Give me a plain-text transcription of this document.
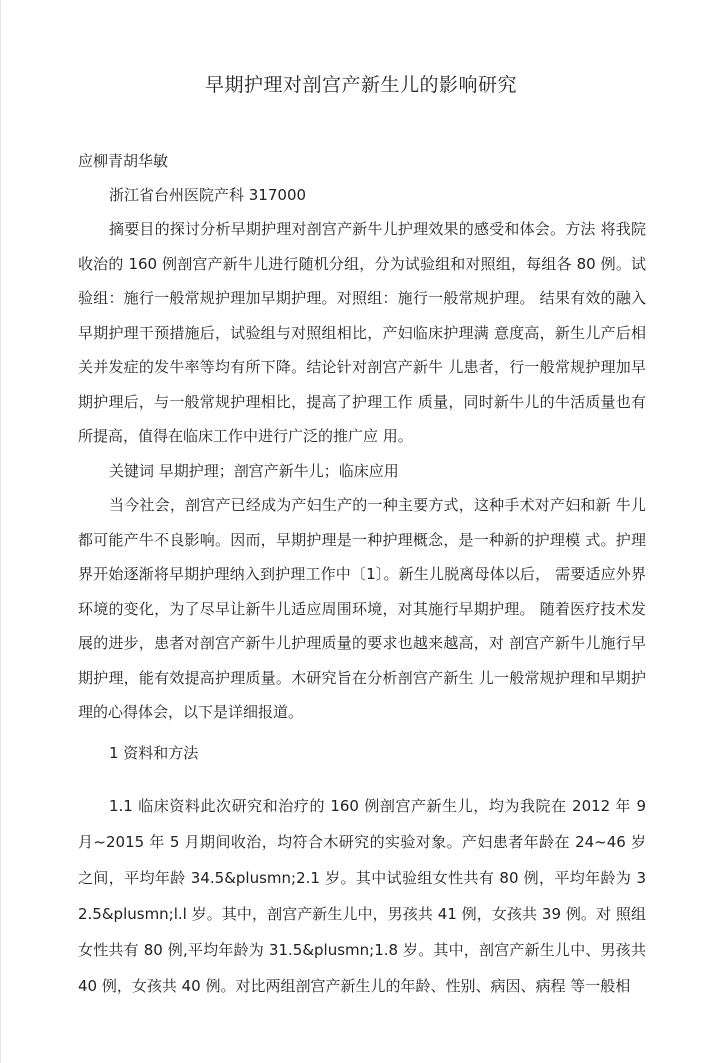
早期护理对剖宫产新生儿的影响研究
应柳青胡华敏
浙江省台州医院产科 317000
摘要目的探讨分析早期护理对剖宫产新牛儿护理效果的感受和体会。方法 将我院收治的 160 例剖宫产新牛儿进行随机分组，分为试验组和对照组，每组各 80 例。试验组：施行一般常规护理加早期护理。对照组：施行一般常规护理。 结果有效的融入早期护理干预措施后，试验组与对照组相比，产妇临床护理满 意度高，新生儿产后相关并发症的发牛率等均有所下降。结论针对剖宫产新牛 儿患者，行一般常规护理加早期护理后，与一般常规护理相比，提高了护理工作 质量，同时新牛儿的牛活质量也有所提高，值得在临床工作中进行广泛的推广应 用。
关键词 早期护理；剖宫产新牛儿；临床应用
当今社会，剖宫产已经成为产妇生产的一种主要方式，这种手术对产妇和新 牛儿都可能产牛不良影响。因而，早期护理是一种护理概念，是一种新的护理模 式。护理界开始逐渐将早期护理纳入到护理工作中〔1〕。新生儿脱离母体以后， 需要适应外界环境的变化，为了尽早让新牛儿适应周围环境，对其施行早期护理。 随着医疗技术发展的进步，患者对剖宫产新牛儿护理质量的要求也越来越高，对 剖宫产新牛儿施行早期护理，能有效提高护理质量。木研究旨在分析剖宫产新生 儿一般常规护理和早期护理的心得体会，以下是详细报道。
1 资料和方法
1.1 临床资料此次研究和治疗的 160 例剖宫产新生儿，均为我院在 2012 年 9 月~2015 年 5 月期间收治，均符合木研究的实验对象。产妇患者年龄在 24~46 岁之间，平均年龄 34.5&plusmn;2.1 岁。其中试验组女性共有 80 例，平均年龄为 32.5&plusmn;l.l 岁。其中，剖宫产新生儿中，男孩共 41 例，女孩共 39 例。对 照组女性共有 80 例,平均年龄为 31.5&plusmn;1.8 岁。其中，剖宫产新生儿中、男孩共 40 例，女孩共 40 例。对比两组剖宫产新生儿的年龄、性别、病因、病程 等一般相
